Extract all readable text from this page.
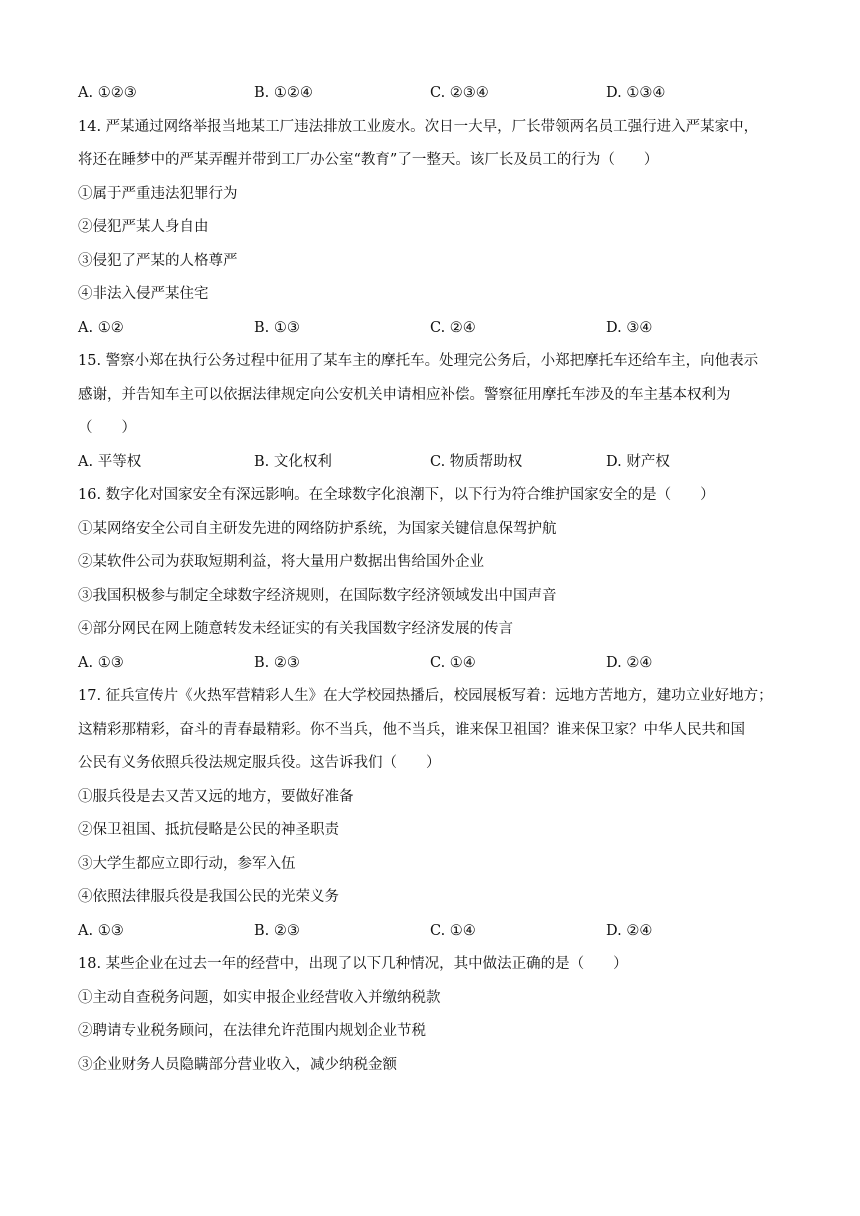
A. ①②③	B. ①②④	C. ②③④	D. ①③④
14. 严某通过网络举报当地某工厂违法排放工业废水。次日一大早，厂长带领两名员工强行进入严某家中，
将还在睡梦中的严某弄醒并带到工厂办公室“教育”了一整天。该厂长及员工的行为（　　）
①属于严重违法犯罪行为
②侵犯严某人身自由
③侵犯了严某的人格尊严
④非法入侵严某住宅
A. ①②	B. ①③	C. ②④	D. ③④
15. 警察小郑在执行公务过程中征用了某车主的摩托车。处理完公务后，小郑把摩托车还给车主，向他表示
感谢，并告知车主可以依据法律规定向公安机关申请相应补偿。警察征用摩托车涉及的车主基本权利为
（　　）
A. 平等权	B. 文化权利	C. 物质帮助权	D. 财产权
16. 数字化对国家安全有深远影响。在全球数字化浪潮下，以下行为符合维护国家安全的是（　　）
①某网络安全公司自主研发先进的网络防护系统，为国家关键信息保驾护航
②某软件公司为获取短期利益，将大量用户数据出售给国外企业
③我国积极参与制定全球数字经济规则，在国际数字经济领域发出中国声音
④部分网民在网上随意转发未经证实的有关我国数字经济发展的传言
A. ①③	B. ②③	C. ①④	D. ②④
17. 征兵宣传片《火热军营精彩人生》在大学校园热播后，校园展板写着：远地方苦地方，建功立业好地方；
这精彩那精彩，奋斗的青春最精彩。你不当兵，他不当兵，谁来保卫祖国？谁来保卫家？中华人民共和国
公民有义务依照兵役法规定服兵役。这告诉我们（　　）
①服兵役是去又苦又远的地方，要做好准备
②保卫祖国、抵抗侵略是公民的神圣职责
③大学生都应立即行动，参军入伍
④依照法律服兵役是我国公民的光荣义务
A. ①③	B. ②③	C. ①④	D. ②④
18. 某些企业在过去一年的经营中，出现了以下几种情况，其中做法正确的是（　　）
①主动自查税务问题，如实申报企业经营收入并缴纳税款
②聘请专业税务顾问，在法律允许范围内规划企业节税
③企业财务人员隐瞒部分营业收入，减少纳税金额
